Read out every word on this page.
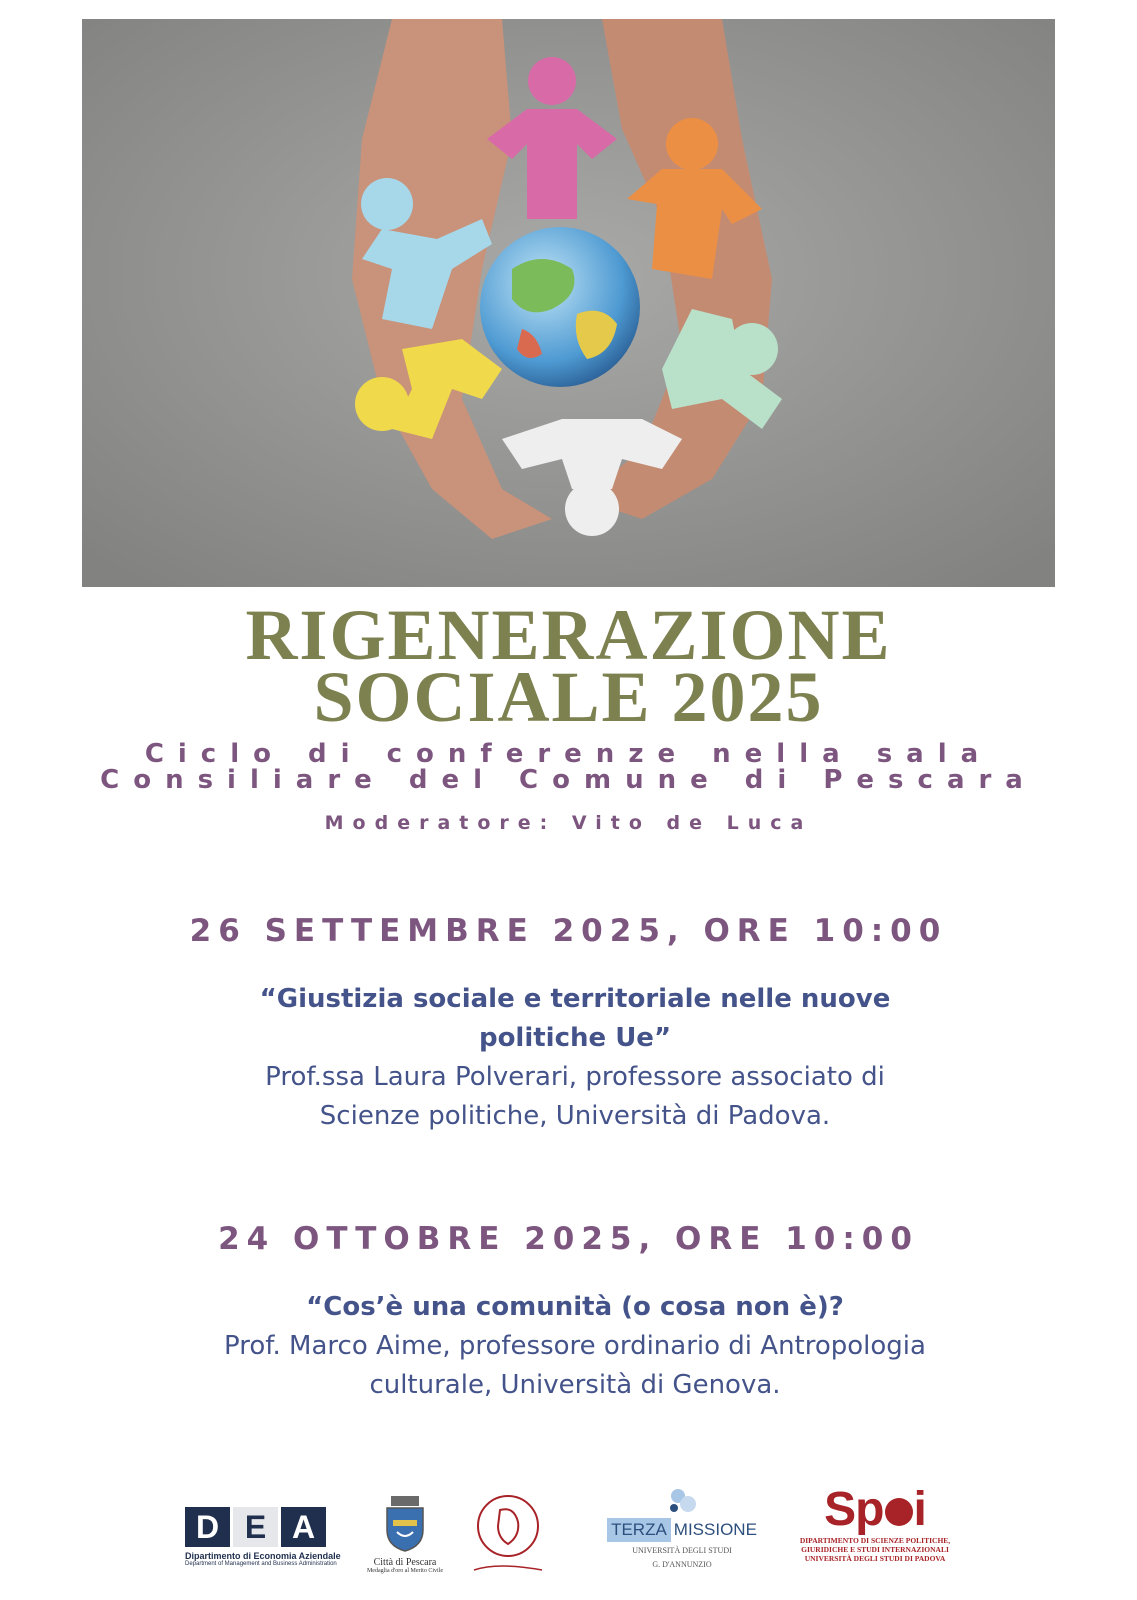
RIGENERAZIONE
SOCIALE 2025
Ciclo di conferenze nella sala
Consiliare del Comune di Pescara
Moderatore: Vito de Luca
26 SETTEMBRE 2025, ORE 10:00
“Giustizia sociale e territoriale nelle nuove politiche Ue”
Prof.ssa Laura Polverari, professore associato di Scienze politiche, Università di Padova.
24 OTTOBRE 2025, ORE 10:00
“Cos’è una comunità (o cosa non è)?
Prof. Marco Aime, professore ordinario di Antropologia culturale, Università di Genova.
D E A
Dipartimento di Economia Aziendale
Department of Management and Business Administration	Città di Pescara
Medaglia d'oro al Merito Civile
TERZA MISSIONE
UNIVERSITÀ DEGLI STUDI
G. D'ANNUNZIO
Sp i
DIPARTIMENTO DI SCIENZE POLITICHE,
GIURIDICHE E STUDI INTERNAZIONALI
UNIVERSITÀ DEGLI STUDI DI PADOVA
